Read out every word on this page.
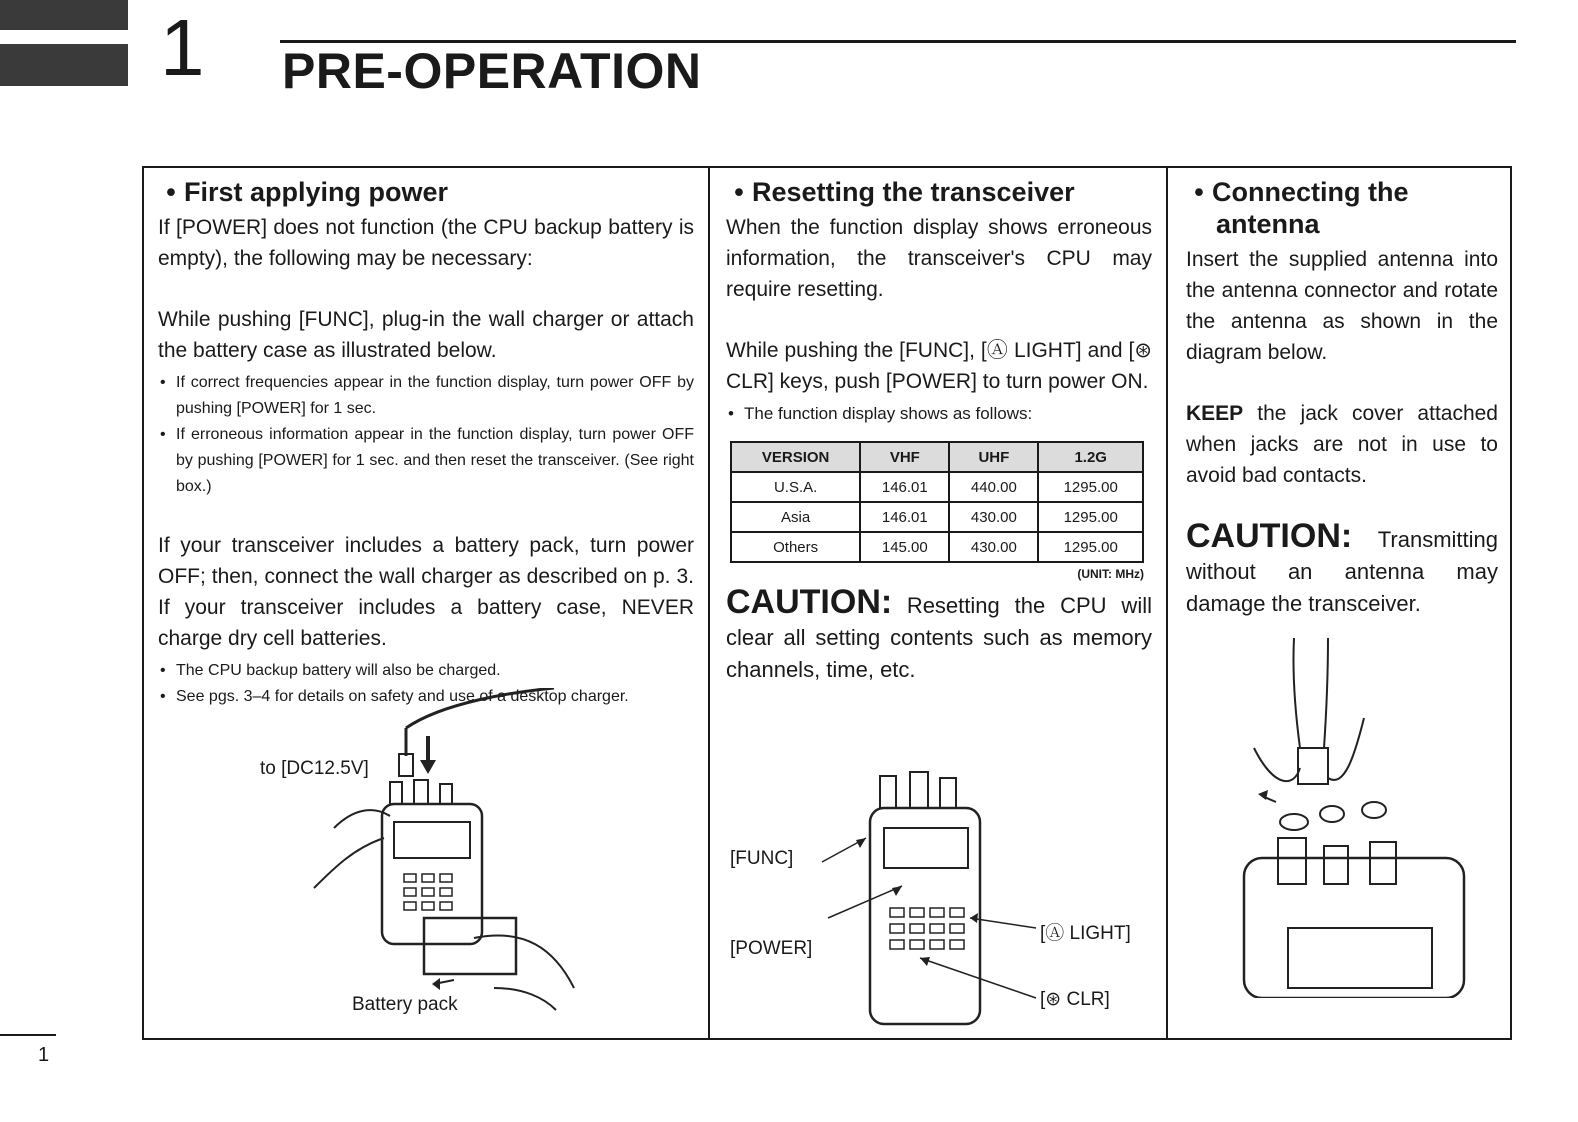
1 PRE-OPERATION
• First applying power

If [POWER] does not function (the CPU backup battery is empty), the following may be necessary:

While pushing [FUNC], plug-in the wall charger or attach the battery case as illustrated below.

• If correct frequencies appear in the function display, turn power OFF by pushing [POWER] for 1 sec.
• If erroneous information appear in the function display, turn power OFF by pushing [POWER] for 1 sec. and then reset the transceiver. (See right box.)

If your transceiver includes a battery pack, turn power OFF; then, connect the wall charger as described on p. 3. If your transceiver includes a battery case, NEVER charge dry cell batteries.

• The CPU backup battery will also be charged.
• See pgs. 3–4 for details on safety and use of a desktop charger.
to [DC12.5V]
Battery pack
• Resetting the transceiver

When the function display shows erroneous information, the transceiver's CPU may require resetting.

While pushing the [FUNC], [Ⓐ LIGHT] and [⊛ CLR] keys, push [POWER] to turn power ON.

• The function display shows as follows:
VERSION	VHF	UHF	1.2G
U.S.A.	146.01	440.00	1295.00
Asia	146.01	430.00	1295.00
Others	145.00	430.00	1295.00
(UNIT: MHz)

CAUTION: Resetting the CPU will clear all setting contents such as memory channels, time, etc.

[FUNC]
[POWER]
[Ⓐ LIGHT]
[⊛ CLR]
• Connecting the
antenna

Insert the supplied antenna into the antenna connector and rotate the antenna as shown in the diagram below.

KEEP the jack cover attached when jacks are not in use to avoid bad contacts.

CAUTION: Transmitting without an antenna may damage the transceiver.

1
